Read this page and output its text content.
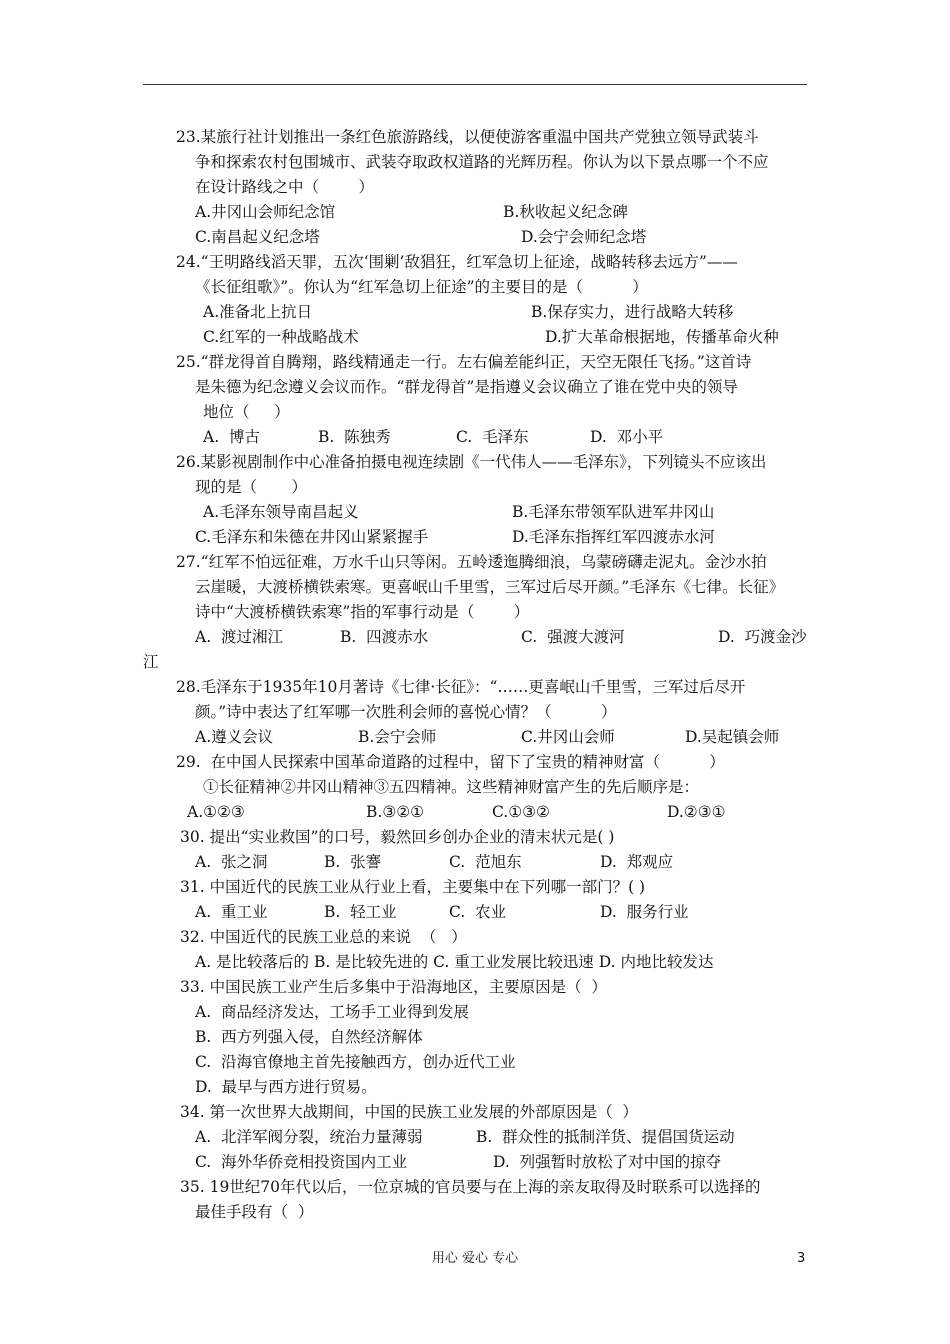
23.某旅行社计划推出一条红色旅游路线，以便使游客重温中国共产党独立领导武装斗
争和探索农村包围城市、武装夺取政权道路的光辉历程。你认为以下景点哪一个不应
在设计路线之中（        ）
A.井冈山会师纪念馆	B.秋收起义纪念碑
C.南昌起义纪念塔	D.会宁会师纪念塔
24.“王明路线滔天罪，五次‘围剿’敌猖狂，红军急切上征途，战略转移去远方”——
《长征组歌》”。你认为“红军急切上征途”的主要目的是（          ）
A.准备北上抗日	B.保存实力，进行战略大转移
C.红军的一种战略战术	D.扩大革命根据地，传播革命火种
25.“群龙得首自腾翔，路线精通走一行。左右偏差能纠正，天空无限任飞扬。”这首诗
是朱德为纪念遵义会议而作。“群龙得首”是指遵义会议确立了谁在党中央的领导
地位（     ）
A.  博古	B.  陈独秀	C.  毛泽东	D.  邓小平
26.某影视剧制作中心准备拍摄电视连续剧《一代伟人——毛泽东》，下列镜头不应该出
现的是（       ）
A.毛泽东领导南昌起义	B.毛泽东带领军队进军井冈山
C.毛泽东和朱德在井冈山紧紧握手	D.毛泽东指挥红军四渡赤水河
27.“红军不怕远征难，万水千山只等闲。五岭逶迤腾细浪，乌蒙磅礴走泥丸。金沙水拍
云崖暖，大渡桥横铁索寒。更喜岷山千里雪，三军过后尽开颜。”毛泽东《七律。长征》
诗中“大渡桥横铁索寒”指的军事行动是（        ）
A.  渡过湘江	B.  四渡赤水	C.  强渡大渡河	D.  巧渡金沙
江
28.毛泽东于1935年10月著诗《七律·长征》：“……更喜岷山千里雪，三军过后尽开
颜。”诗中表达了红军哪一次胜利会师的喜悦心情？（          ）
A.遵义会议	B.会宁会师	C.井冈山会师	D.吴起镇会师
29.  在中国人民探索中国革命道路的过程中，留下了宝贵的精神财富（          ）
①长征精神②井冈山精神③五四精神。这些精神财富产生的先后顺序是：
A.①②③	B.③②①	C.①③②	D.②③①
30. 提出“实业救国”的口号，毅然回乡创办企业的清末状元是( )
A.  张之洞	B.  张謇	C.  范旭东	D.  郑观应
31. 中国近代的民族工业从行业上看，主要集中在下列哪一部门？( )
A.  重工业	B.  轻工业	C.  农业	D.  服务行业
32. 中国近代的民族工业总的来说  （   ）
A. 是比较落后的 B. 是比较先进的 C. 重工业发展比较迅速 D. 内地比较发达
33. 中国民族工业产生后多集中于沿海地区，主要原因是（  ）
A.  商品经济发达，工场手工业得到发展
B.  西方列强入侵，自然经济解体
C.  沿海官僚地主首先接触西方，创办近代工业
D.  最早与西方进行贸易。
34. 第一次世界大战期间，中国的民族工业发展的外部原因是（  ）
A.  北洋军阀分裂，统治力量薄弱	B.  群众性的抵制洋货、提倡国货运动
C.  海外华侨竞相投资国内工业	D.  列强暂时放松了对中国的掠夺
35. 19世纪70年代以后，一位京城的官员要与在上海的亲友取得及时联系可以选择的
最佳手段有（  ）
用心 爱心 专心	3
